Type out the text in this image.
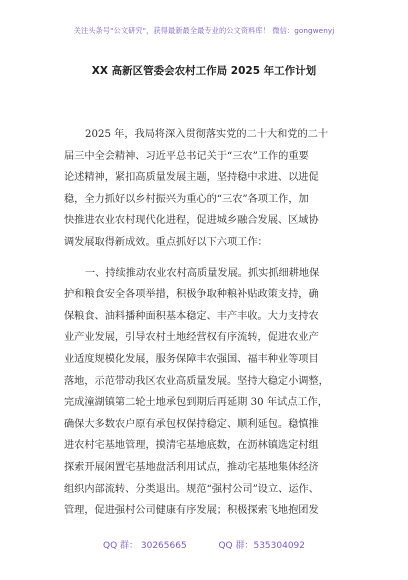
关注头条号"公文研究"，获得最新最全最专业的公文资料库！ 微信：gongwenyj
XX 高新区管委会农村工作局 2025 年工作计划
2025 年，我局将深入贯彻落实党的二十大和党的二十
届三中全会精神、习近平总书记关于“三农”工作的重要
论述精神，紧扣高质量发展主题，坚持稳中求进、以进促
稳，全力抓好以乡村振兴为重心的“三农”各项工作，加
快推进农业农村现代化进程，促进城乡融合发展、区域协
调发展取得新成效。重点抓好以下六项工作：
一、持续推动农业农村高质量发展。抓实抓细耕地保
护和粮食安全各项举措，积极争取种粮补贴政策支持，确
保粮食、油料播种面积基本稳定、丰产丰收。大力支持农
业产业发展，引导农村土地经营权有序流转，促进农业产
业适度规模化发展，服务保障丰农强国、福丰种业等项目
落地，示范带动我区农业高质量发展。坚持大稳定小调整，
完成潼湖镇第二轮土地承包到期后再延期 30 年试点工作，
确保大多数农户原有承包权保持稳定、顺利延包。稳慎推
进农村宅基地管理，摸清宅基地底数，在沥林镇选定村组
探索开展闲置宅基地盘活利用试点，推动宅基地集体经济
组织内部流转、分类退出。规范“强村公司”设立、运作、
管理，促进强村公司健康有序发展；积极探索飞地抱团发
QQ 群： 30265665	QQ 群：535304092
